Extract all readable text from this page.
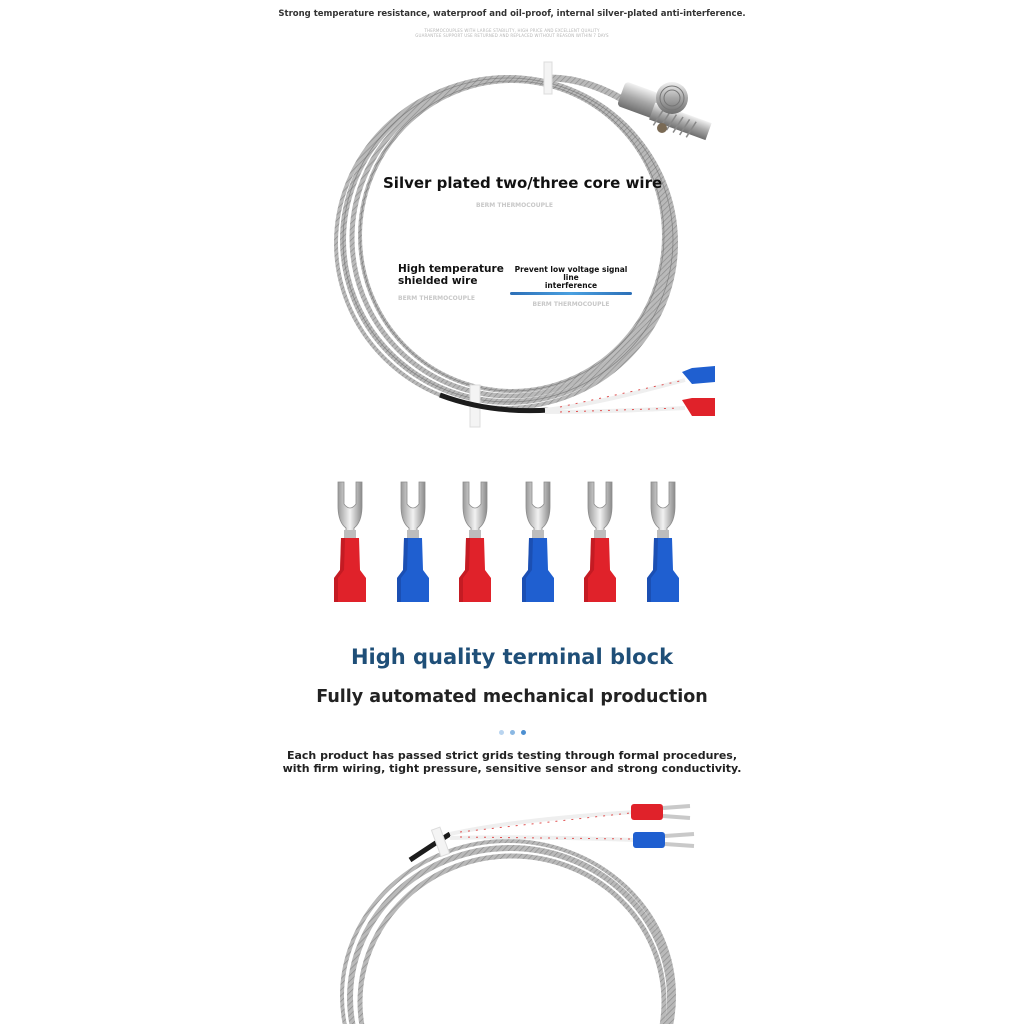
Strong temperature resistance, waterproof and oil-proof, internal silver-plated anti-interference.
THERMOCOUPLES WITH LARGE STABILITY, HIGH PRICE AND EXCELLENT QUALITY
GUARANTEE SUPPORT USE RETURNED AND REPLACED WITHOUT REASON WITHIN 7 DAYS
Silver plated two/three core wire
BERM THERMOCOUPLE
High temperature
shielded wire
BERM THERMOCOUPLE
Prevent low voltage signal line
interference
BERM THERMOCOUPLE
High quality terminal block
Fully automated mechanical production
Each product has passed strict grids testing through formal procedures,
with firm wiring, tight pressure, sensitive sensor and strong conductivity.
